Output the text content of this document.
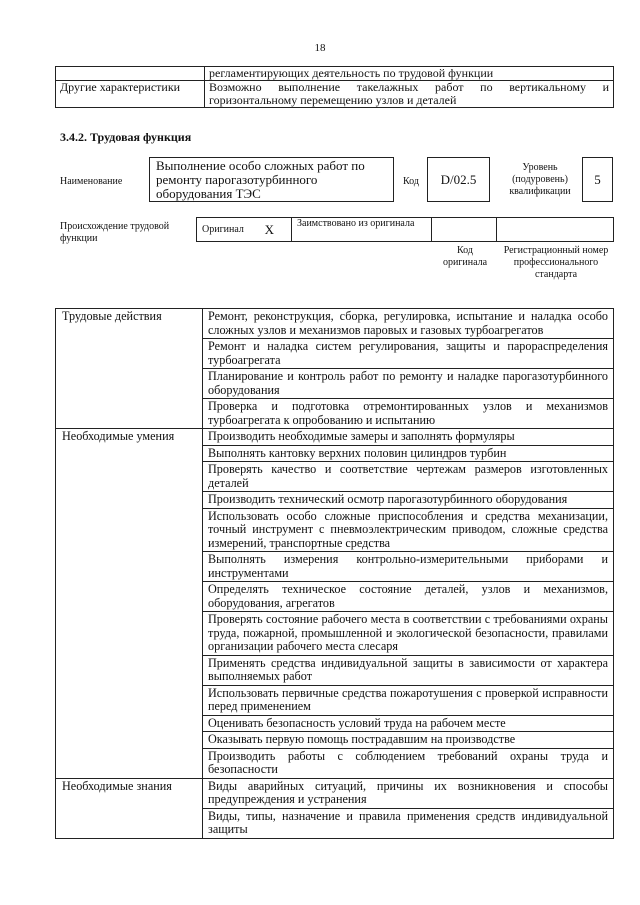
18
	регламентирующих деятельность по трудовой функции
Другие характеристики	Возможно выполнение такелажных работ по вертикальному и горизонтальному перемещению узлов и деталей
3.4.2. Трудовая функция
Наименование
Выполнение особо сложных работ по ремонту парогазотурбинного оборудования ТЭС
Код D/02.5
Уровень (подуровень) квалификации
5
Происхождение трудовой функции
Оригинал X	Заимствовано из оригинала
Код оригинала
Регистрационный номер профессионального стандарта
Трудовые действия	Ремонт, реконструкция, сборка, регулировка, испытание и наладка особо сложных узлов и механизмов паровых и газовых турбоагрегатов
	Ремонт и наладка систем регулирования, защиты и парораспределения турбоагрегата
	Планирование и контроль работ по ремонту и наладке парогазотурбинного оборудования
	Проверка и подготовка отремонтированных узлов и механизмов турбоагрегата к опробованию и испытанию
Необходимые умения	Производить необходимые замеры и заполнять формуляры
	Выполнять кантовку верхних половин цилиндров турбин
	Проверять качество и соответствие чертежам размеров изготовленных деталей
	Производить технический осмотр парогазотурбинного оборудования
	Использовать особо сложные приспособления и средства механизации, точный инструмент с пневмоэлектрическим приводом, сложные средства измерений, транспортные средства
	Выполнять измерения контрольно-измерительными приборами и инструментами
	Определять техническое состояние деталей, узлов и механизмов, оборудования, агрегатов
	Проверять состояние рабочего места в соответствии с требованиями охраны труда, пожарной, промышленной и экологической безопасности, правилами организации рабочего места слесаря
	Применять средства индивидуальной защиты в зависимости от характера выполняемых работ
	Использовать первичные средства пожаротушения с проверкой исправности перед применением
	Оценивать безопасность условий труда на рабочем месте
	Оказывать первую помощь пострадавшим на производстве
	Производить работы с соблюдением требований охраны труда и безопасности
Необходимые знания	Виды аварийных ситуаций, причины их возникновения и способы предупреждения и устранения
	Виды, типы, назначение и правила применения средств индивидуальной защиты
